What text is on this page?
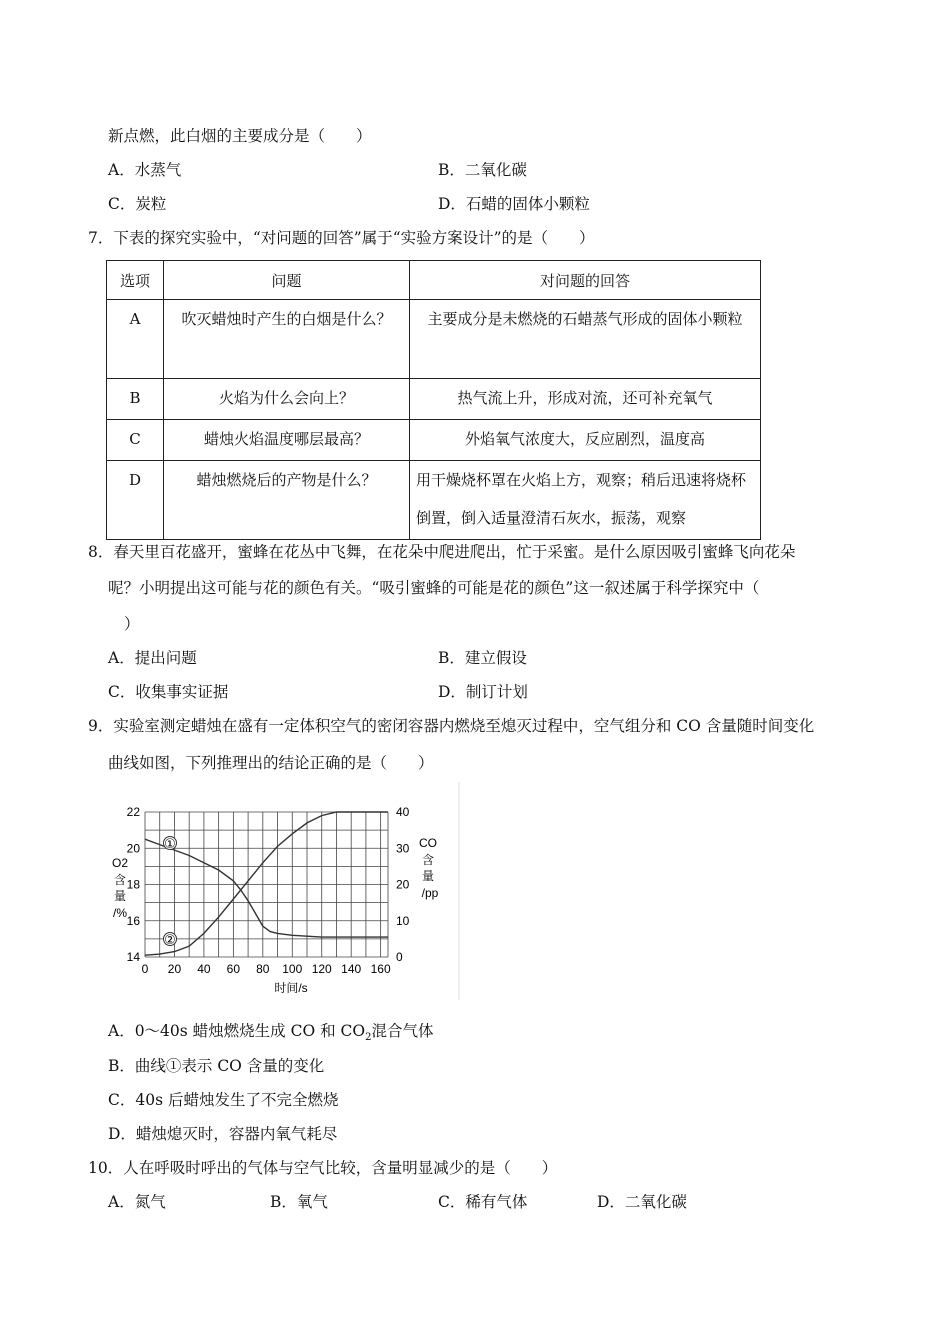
新点燃，此白烟的主要成分是（　　）
A．水蒸气	B．二氧化碳
C．炭粒	D．石蜡的固体小颗粒
7．下表的探究实验中，“对问题的回答”属于“实验方案设计”的是（　　）
选项	问题	对问题的回答

A	吹灭蜡烛时产生的白烟是什么？	主要成分是未燃烧的石蜡蒸气形成的固体小颗粒

B	火焰为什么会向上？	热气流上升，形成对流，还可补充氧气

C	蜡烛火焰温度哪层最高？	外焰氧气浓度大，反应剧烈，温度高

D	蜡烛燃烧后的产物是什么？	用干燥烧杯罩在火焰上方，观察；稍后迅速将烧杯倒置，倒入适量澄清石灰水，振荡，观察
8．春天里百花盛开，蜜蜂在花丛中飞舞，在花朵中爬进爬出，忙于采蜜。是什么原因吸引蜜蜂飞向花朵
呢？小明提出这可能与花的颜色有关。“吸引蜜蜂的可能是花的颜色”这一叙述属于科学探究中（
）
A．提出问题	B．建立假设
C．收集事实证据	D．制订计划
9．实验室测定蜡烛在盛有一定体积空气的密闭容器内燃烧至熄灭过程中，空气组分和 CO 含量随时间变化
曲线如图，下列推理出的结论正确的是（　　）
0 20 40 60 80 100 120 140 160
14
16
18
20
22
0
10
20
30
40
时间/s
O2
含
量
/%
CO
含
量
/pp
①
②
A．0～40s 蜡烛燃烧生成 CO 和 $CO_2$混合气体
B．曲线①表示 CO 含量的变化
C．40s 后蜡烛发生了不完全燃烧
D．蜡烛熄灭时，容器内氧气耗尽
10．人在呼吸时呼出的气体与空气比较，含量明显减少的是（　　）
A．氮气	B．氧气	C．稀有气体	D．二氧化碳
